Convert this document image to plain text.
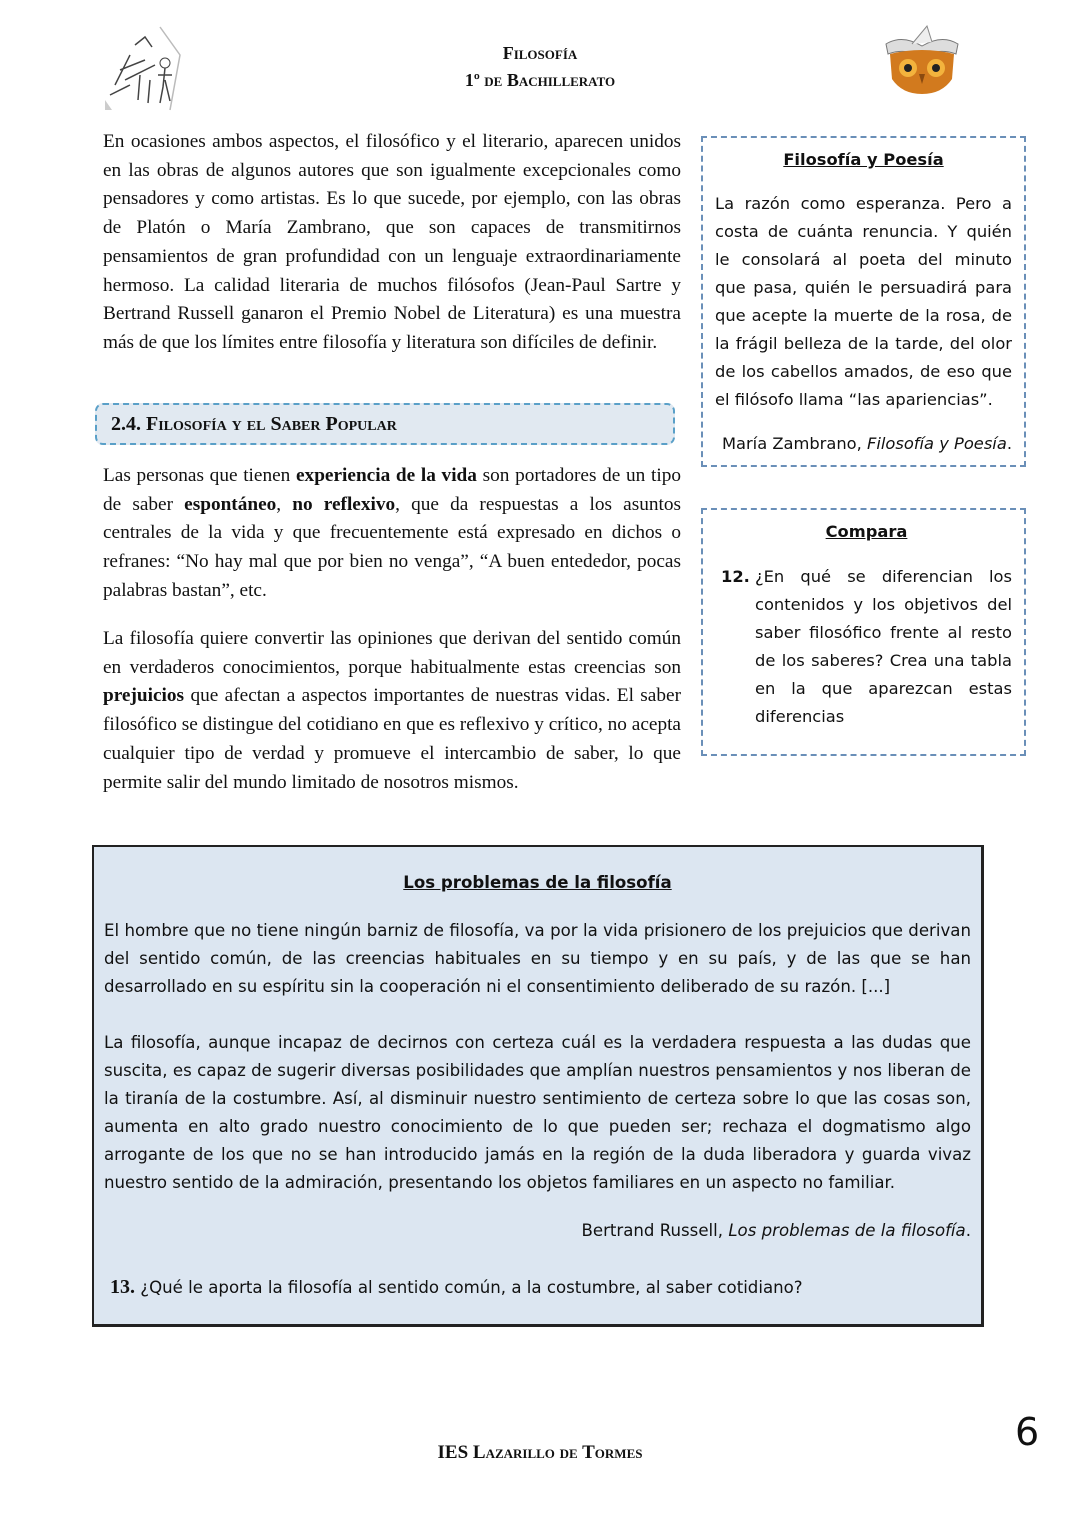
Filosofía
1º de Bachillerato
En ocasiones ambos aspectos, el filosófico y el literario, aparecen unidos en las obras de algunos autores que son igualmente excepcionales como pensadores y como artistas. Es lo que sucede, por ejemplo, con las obras de Platón o María Zambrano, que son capaces de transmitirnos pensamientos de gran profundidad con un lenguaje extraordinariamente hermoso. La calidad literaria de muchos filósofos (Jean-Paul Sartre y Bertrand Russell ganaron el Premio Nobel de Literatura) es una muestra más de que los límites entre filosofía y literatura son difíciles de definir.
2.4. Filosofía y el Saber Popular
Las personas que tienen experiencia de la vida son portadores de un tipo de saber espontáneo, no reflexivo, que da respuestas a los asuntos centrales de la vida y que frecuentemente está expresado en dichos o refranes: “No hay mal que por bien no venga”, “A buen entededor, pocas palabras bastan”, etc.
La filosofía quiere convertir las opiniones que derivan del sentido común en verdaderos conocimientos, porque habitualmente estas creencias son prejuicios que afectan a aspectos importantes de nuestras vidas. El saber filosófico se distingue del cotidiano en que es reflexivo y crítico, no acepta cualquier tipo de verdad y promueve el intercambio de saber, lo que permite salir del mundo limitado de nosotros mismos.
Filosofía y Poesía
La razón como esperanza. Pero a costa de cuánta renuncia. Y quién le consolará al poeta del minuto que pasa, quién le persuadirá para que acepte la muerte de la rosa, de la frágil belleza de la tarde, del olor de los cabellos amados, de eso que el filósofo llama “las apariencias”.
María Zambrano, Filosofía y Poesía.
Compara
12. ¿En qué se diferencian los contenidos y los objetivos del saber filosófico frente al resto de los saberes? Crea una tabla en la que aparezcan estas diferencias

Los problemas de la filosofía

El hombre que no tiene ningún barniz de filosofía, va por la vida prisionero de los prejuicios que derivan del sentido común, de las creencias habituales en su tiempo y en su país, y de las que se han desarrollado en su espíritu sin la cooperación ni el consentimiento deliberado de su razón. [...]

La filosofía, aunque incapaz de decirnos con certeza cuál es la verdadera respuesta a las dudas que suscita, es capaz de sugerir diversas posibilidades que amplían nuestros pensamientos y nos liberan de la tiranía de la costumbre. Así, al disminuir nuestro sentimiento de certeza sobre lo que las cosas son, aumenta en alto grado nuestro conocimiento de lo que pueden ser; rechaza el dogmatismo algo arrogante de los que no se han introducido jamás en la región de la duda liberadora y guarda vivaz nuestro sentido de la admiración, presentando los objetos familiares en un aspecto no familiar.

Bertrand Russell, Los problemas de la filosofía.

13. ¿Qué le aporta la filosofía al sentido común, a la costumbre, al saber cotidiano?

IES Lazarillo de Tormes	6
